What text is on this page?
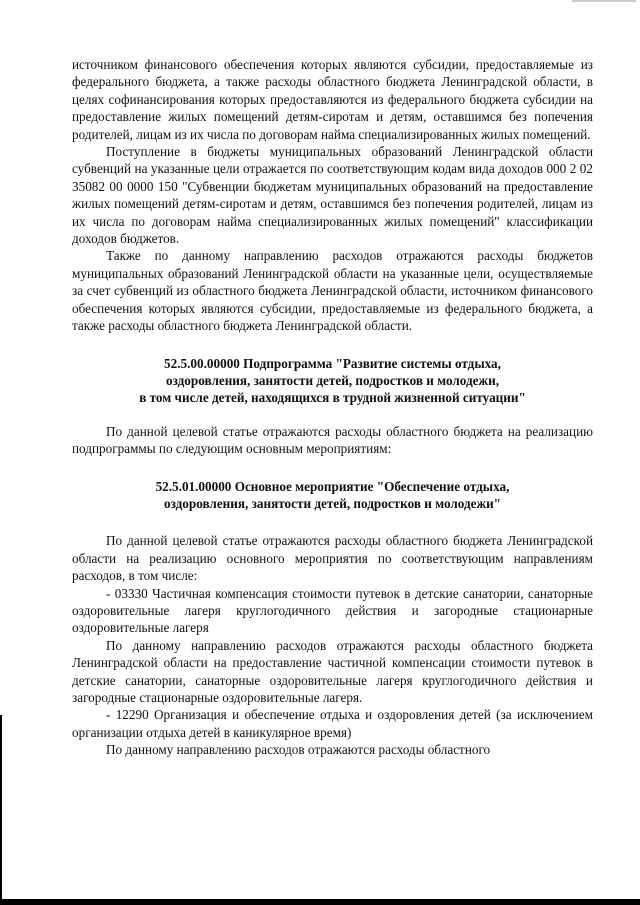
источником финансового обеспечения которых являются субсидии, предоставляемые из федерального бюджета, а также расходы областного бюджета Ленинградской области, в целях софинансирования которых предоставляются из федерального бюджета субсидии на предоставление жилых помещений детям-сиротам и детям, оставшимся без попечения родителей, лицам из их числа по договорам найма специализированных жилых помещений.

Поступление в бюджеты муниципальных образований Ленинградской области субвенций на указанные цели отражается по соответствующим кодам вида доходов 000 2 02 35082 00 0000 150 "Субвенции бюджетам муниципальных образований на предоставление жилых помещений детям-сиротам и детям, оставшимся без попечения родителей, лицам из их числа по договорам найма специализированных жилых помещений" классификации доходов бюджетов.

Также по данному направлению расходов отражаются расходы бюджетов муниципальных образований Ленинградской области на указанные цели, осуществляемые за счет субвенций из областного бюджета Ленинградской области, источником финансового обеспечения которых являются субсидии, предоставляемые из федерального бюджета, а также расходы областного бюджета Ленинградской области.

52.5.00.00000 Подпрограмма "Развитие системы отдыха,

оздоровления, занятости детей, подростков и молодежи,

в том числе детей, находящихся в трудной жизненной ситуации"

По данной целевой статье отражаются расходы областного бюджета на реализацию подпрограммы по следующим основным мероприятиям:

52.5.01.00000 Основное мероприятие "Обеспечение отдыха,

оздоровления, занятости детей, подростков и молодежи"

По данной целевой статье отражаются расходы областного бюджета Ленинградской области на реализацию основного мероприятия по соответствующим направлениям расходов, в том числе:

- 03330 Частичная компенсация стоимости путевок в детские санатории, санаторные оздоровительные лагеря круглогодичного действия и загородные стационарные оздоровительные лагеря

По данному направлению расходов отражаются расходы областного бюджета Ленинградской области на предоставление частичной компенсации стоимости путевок в детские санатории, санаторные оздоровительные лагеря круглогодичного действия и загородные стационарные оздоровительные лагеря.

- 12290 Организация и обеспечение отдыха и оздоровления детей (за исключением организации отдыха детей в каникулярное время)

По данному направлению расходов отражаются расходы областного
